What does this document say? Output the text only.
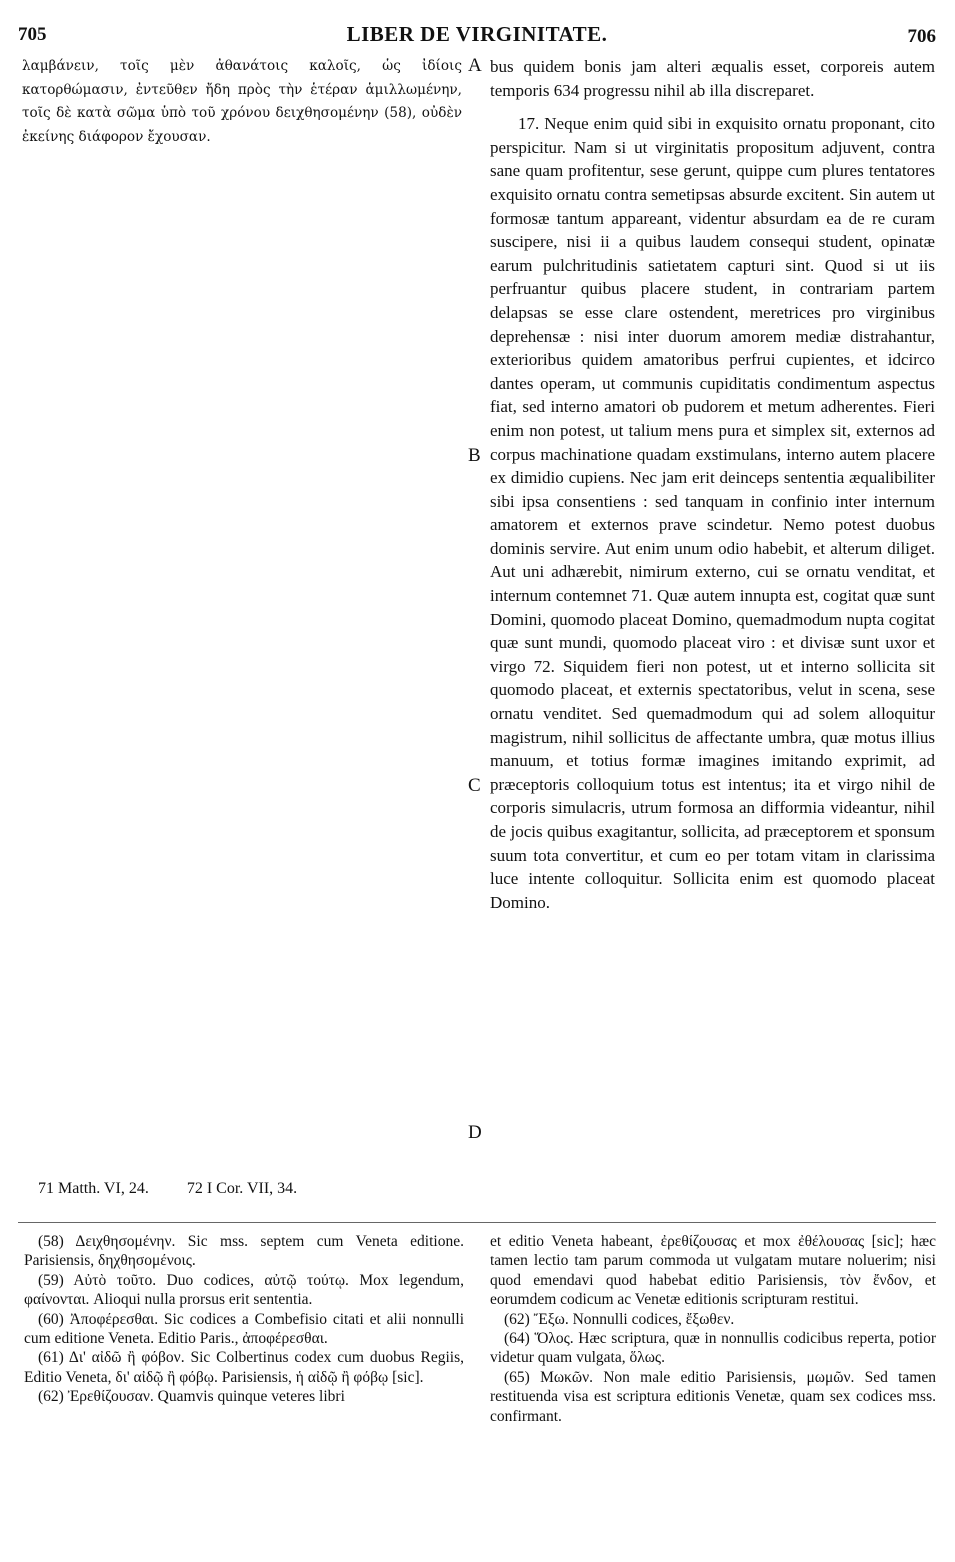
705	LIBER DE VIRGINITATE.	706

λαμβάνειν, τοῖς μὲν ἀθανάτοις καλοῖς, ὡς ἰδίοις κατορθώμασιν, ἐντεῦθεν ἤδη πρὸς τὴν ἑτέραν ἁμιλλωμένην, τοῖς δὲ κατὰ σῶμα ὑπὸ τοῦ χρόνου δειχθησομένην (58), οὐδὲν ἐκείνης διάφορον ἔχουσαν.

A
B
C
D

bus quidem bonis jam alteri æqualis esset, corporeis autem temporis 634 progressu nihil ab illa discreparet.

17. Neque enim quid sibi in exquisito ornatu proponant, cito perspicitur. Nam si ut virginitatis propositum adjuvent, contra sane quam profitentur, sese gerunt, quippe cum plures tentatores exquisito ornatu contra semetipsas absurde excitent. Sin autem ut formosæ tantum appareant, videntur absurdam ea de re curam suscipere, nisi ii a quibus laudem consequi student, opinatæ earum pulchritudinis satietatem capturi sint. Quod si ut iis perfruantur quibus placere student, in contrariam partem delapsas se esse clare ostendent, meretrices pro virginibus deprehensæ : nisi inter duorum amorem mediæ distrahantur, exterioribus quidem amatoribus perfrui cupientes, et idcirco dantes operam, ut communis cupiditatis condimentum aspectus fiat, sed interno amatori ob pudorem et metum adherentes. Fieri enim non potest, ut talium mens pura et simplex sit, externos ad corpus machinatione quadam exstimulans, interno autem placere ex dimidio cupiens. Nec jam erit deinceps sententia æqualibiliter sibi ipsa consentiens : sed tanquam in confinio inter internum amatorem et externos prave scindetur. Nemo potest duobus dominis servire. Aut enim unum odio habebit, et alterum diliget. Aut uni adhærebit, nimirum externo, cui se ornatu venditat, et internum contemnet 71. Quæ autem innupta est, cogitat quæ sunt Domini, quomodo placeat Domino, quemadmodum nupta cogitat quæ sunt mundi, quomodo placeat viro : et divisæ sunt uxor et virgo 72. Siquidem fieri non potest, ut et interno sollicita sit quomodo placeat, et externis spectatoribus, velut in scena, sese ornatu venditet. Sed quemadmodum qui ad solem alloquitur magistrum, nihil sollicitus de affectante umbra, quæ motus illius manuum, et totius formæ imagines imitando exprimit, ad præceptoris colloquium totus est intentus; ita et virgo nihil de corporis simulacris, utrum formosa an difformia videantur, nihil de jocis quibus exagitantur, sollicita, ad præceptorem et sponsum suum tota convertitur, et cum eo per totam vitam in clarissima luce intente colloquitur. Sollicita enim est quomodo placeat Domino.

71 Matth. VI, 24. 72 I Cor. VII, 34.

(58) Δειχθησομένην. Sic mss. septem cum Veneta editione. Parisiensis, δηχθησομένοις.

(59) Αὐτὸ τοῦτο. Duo codices, αὐτῷ τούτῳ. Mox legendum, φαίνονται. Alioqui nulla prorsus erit sententia.

(60) Ἀποφέρεσθαι. Sic codices a Combefisio citati et alii nonnulli cum editione Veneta. Editio Paris., ἀποφέρεσθαι.

(61) Δι' αἰδῶ ἢ φόβον. Sic Colbertinus codex cum duobus Regiis, Editio Veneta, δι' αἰδῷ ἢ φόβῳ. Parisiensis, ἡ αἰδῷ ἢ φόβῳ [sic].

(62) Ἐρεθίζουσαν. Quamvis quinque veteres libri

et editio Veneta habeant, ἐρεθίζουσας et mox ἐθέλουσας [sic]; hæc tamen lectio tam parum commoda ut vulgatam mutare noluerim; nisi quod emendavi quod habebat editio Parisiensis, τὸν ἔνδον, et eorumdem codicum ac Venetæ editionis scripturam restitui.

(62) Ἔξω. Nonnulli codices, ἔξωθεν.

(64) Ὅλος. Hæc scriptura, quæ in nonnullis codicibus reperta, potior videtur quam vulgata, ὅλως.

(65) Μωκῶν. Non male editio Parisiensis, μωμῶν. Sed tamen restituenda visa est scriptura editionis Venetæ, quam sex codices mss. confirmant.
